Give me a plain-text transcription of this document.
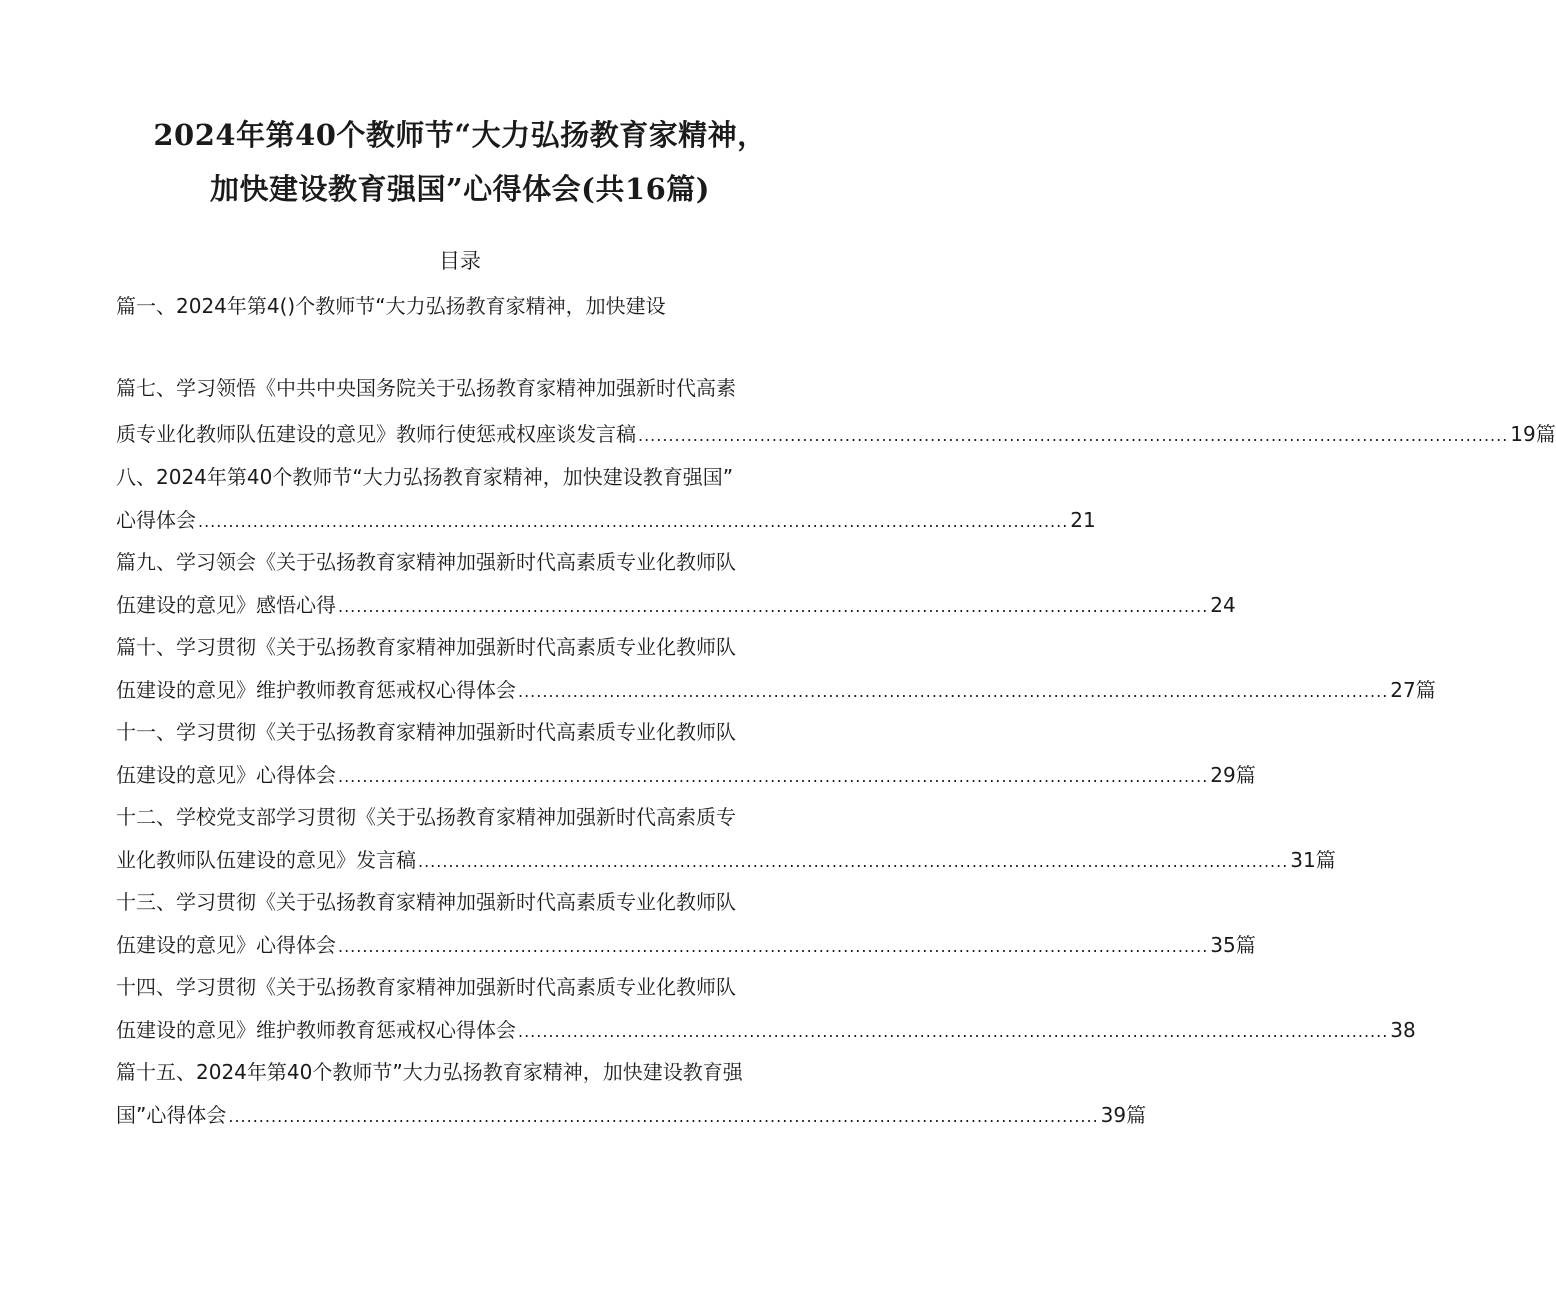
2024年第40个教师节“大力弘扬教育家精神，
加快建设教育强国”心得体会(共16篇)
目录
篇一、2024年第4()个教师节“大力弘扬教育家精神，加快建设
篇七、学习领悟《中共中央国务院关于弘扬教育家精神加强新时代高素
质专业化教师队伍建设的意见》教师行使惩戒权座谈发言稿 ............................................................................................................................................... 19篇
八、2024年第40个教师节“大力弘扬教育家精神，加快建设教育强国”
心得体会 ............................................................................................................................................... 21
篇九、学习领会《关于弘扬教育家精神加强新时代高素质专业化教师队
伍建设的意见》感悟心得 ............................................................................................................................................... 24
篇十、学习贯彻《关于弘扬教育家精神加强新时代高素质专业化教师队
伍建设的意见》维护教师教育惩戒权心得体会 ............................................................................................................................................... 27篇
十一、学习贯彻《关于弘扬教育家精神加强新时代高素质专业化教师队
伍建设的意见》心得体会 ............................................................................................................................................... 29篇
十二、学校党支部学习贯彻《关于弘扬教育家精神加强新时代高索质专
业化教师队伍建设的意见》发言稿 ............................................................................................................................................... 31篇
十三、学习贯彻《关于弘扬教育家精神加强新时代高素质专业化教师队
伍建设的意见》心得体会 ............................................................................................................................................... 35篇
十四、学习贯彻《关于弘扬教育家精神加强新时代高素质专业化教师队
伍建设的意见》维护教师教育惩戒权心得体会 ............................................................................................................................................... 38
篇十五、2024年第40个教师节”大力弘扬教育家精神，加快建设教育强
国”心得体会 ............................................................................................................................................... 39篇
